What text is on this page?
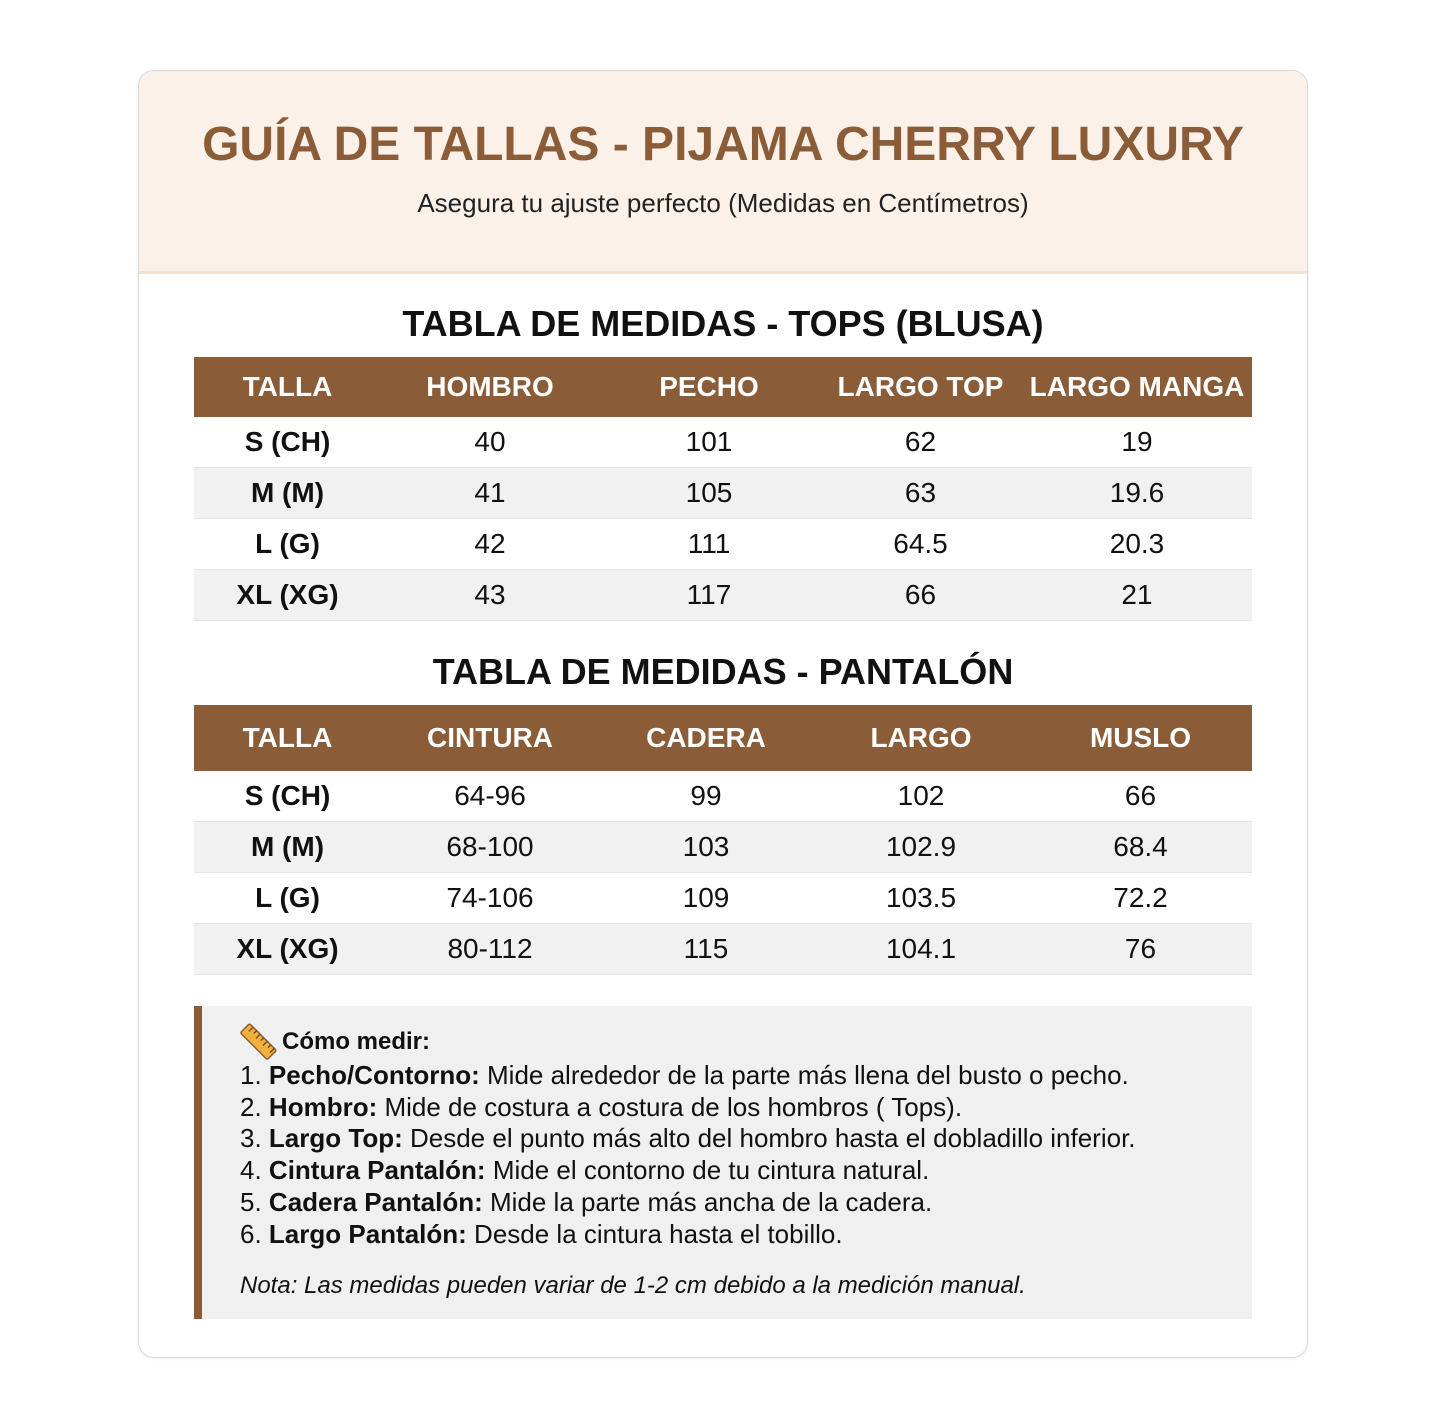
GUÍA DE TALLAS - PIJAMA CHERRY LUXURY
Asegura tu ajuste perfecto (Medidas en Centímetros)
TABLA DE MEDIDAS - TOPS (BLUSA)
TALLA	HOMBRO	PECHO	LARGO TOP	LARGO MANGA
S (CH)	40	101	62	19
M (M)	41	105	63	19.6
L (G)	42	111	64.5	20.3
XL (XG)	43	117	66	21
TABLA DE MEDIDAS - PANTALÓN
TALLA	CINTURA	CADERA	LARGO	MUSLO
S (CH)	64-96	99	102	66
M (M)	68-100	103	102.9	68.4
L (G)	74-106	109	103.5	72.2
XL (XG)	80-112	115	104.1	76
Cómo medir:
1. Pecho/Contorno: Mide alrededor de la parte más llena del busto o pecho.
2. Hombro: Mide de costura a costura de los hombros ( Tops).
3. Largo Top: Desde el punto más alto del hombro hasta el dobladillo inferior.
4. Cintura Pantalón: Mide el contorno de tu cintura natural.
5. Cadera Pantalón: Mide la parte más ancha de la cadera.
6. Largo Pantalón: Desde la cintura hasta el tobillo.
Nota: Las medidas pueden variar de 1-2 cm debido a la medición manual.
